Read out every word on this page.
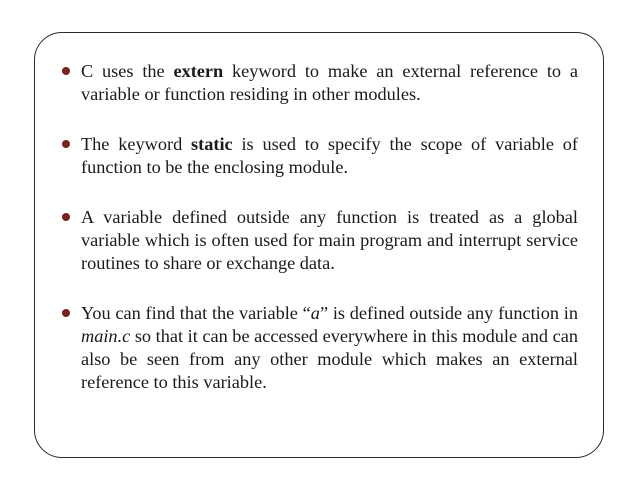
C uses the extern keyword to make an external reference to a variable or function residing in other modules.
The keyword static is used to specify the scope of variable of function to be the enclosing module.
A variable defined outside any function is treated as a global variable which is often used for main program and interrupt service routines to share or exchange data.
You can find that the variable “a” is defined outside any function in main.c so that it can be accessed everywhere in this module and can also be seen from any other module which makes an external reference to this variable.
